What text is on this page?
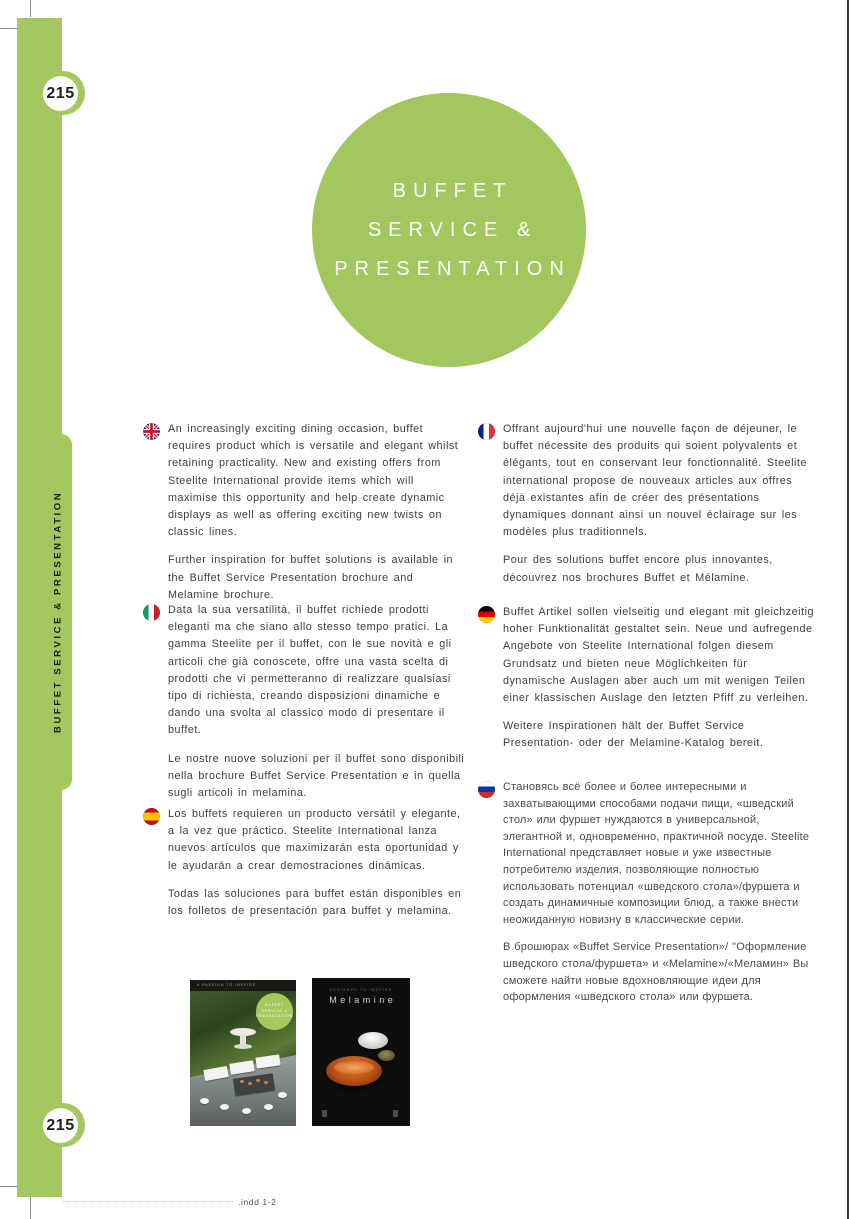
BUFFET SERVICE & PRESENTATION
215
BUFFET
SERVICE &
PRESENTATION

An increasingly exciting dining occasion, buffet requires product which is versatile and elegant whilst retaining practicality. New and existing offers from Steelite International provide items which will maximise this opportunity and help create dynamic displays as well as offering exciting new twists on classic lines.

Further inspiration for buffet solutions is available in the Buffet Service Presentation brochure and Melamine brochure.

Data la sua versatilità, il buffet richiede prodotti eleganti ma che siano allo stesso tempo pratici. La gamma Steelite per il buffet, con le sue novità e gli articoli che già conoscete, offre una vasta scelta di prodotti che vi permetteranno di realizzare qualsiasi tipo di richiesta, creando disposizioni dinamiche e dando una svolta al classico modo di presentare il buffet.

Le nostre nuove soluzioni per il buffet sono disponibili nella brochure Buffet Service Presentation e in quella sugli articoli in melamina.

Los buffets requieren un producto versátil y elegante, a la vez que práctico. Steelite International lanza nuevos artículos que maximizarán esta oportunidad y le ayudarán a crear demostraciones dinámicas.

Todas las soluciones para buffet están disponibles en los folletos de presentación para buffet y melamina.

Offrant aujourd'hui une nouvelle façon de déjeuner, le buffet nécessite des produits qui soient polyvalents et élégants, tout en conservant leur fonctionnalité. Steelite international propose de nouveaux articles aux offres déjà existantes afin de créer des présentations dynamiques donnant ainsi un nouvel éclairage sur les modèles plus traditionnels.

Pour des solutions buffet encore plus innovantes, découvrez nos brochures Buffet et Mélamine.

Buffet Artikel sollen vielseitig und elegant mit gleichzeitig hoher Funktionalität gestaltet sein. Neue und aufregende Angebote von Steelite International folgen diesem Grundsatz und bieten neue Möglichkeiten für dynamische Auslagen aber auch um mit wenigen Teilen einer klassischen Auslage den letzten Pfiff zu verleihen.

Weitere Inspirationen hält der Buffet Service Presentation- oder der Melamine-Katalog bereit.

Становясь всё более и более интересными и захватывающими способами подачи пищи, «шведский стол» или фуршет нуждаются в универсальной, элегантной и, одновременно, практичной посуде. Steelite International представляет новые и уже известные потребителю изделия, позволяющие полностью использовать потенциал «шведского стола»/фуршета и создать динамичные композиции блюд, а также внести неожиданную новизну в классические серии.

В брошюрах «Buffet Service Presentation»/ "Оформление шведского стола/фуршета» и «Melamine»/«Меламин» Вы сможете найти новые вдохновляющие идеи для оформления «шведского стола» или фуршета.

A PASSION TO INSPIRE
BUFFET
SERVICE &
PRESENTATION
DESIGNED TO INSPIRE
Melamine
215
.indd 1-2
